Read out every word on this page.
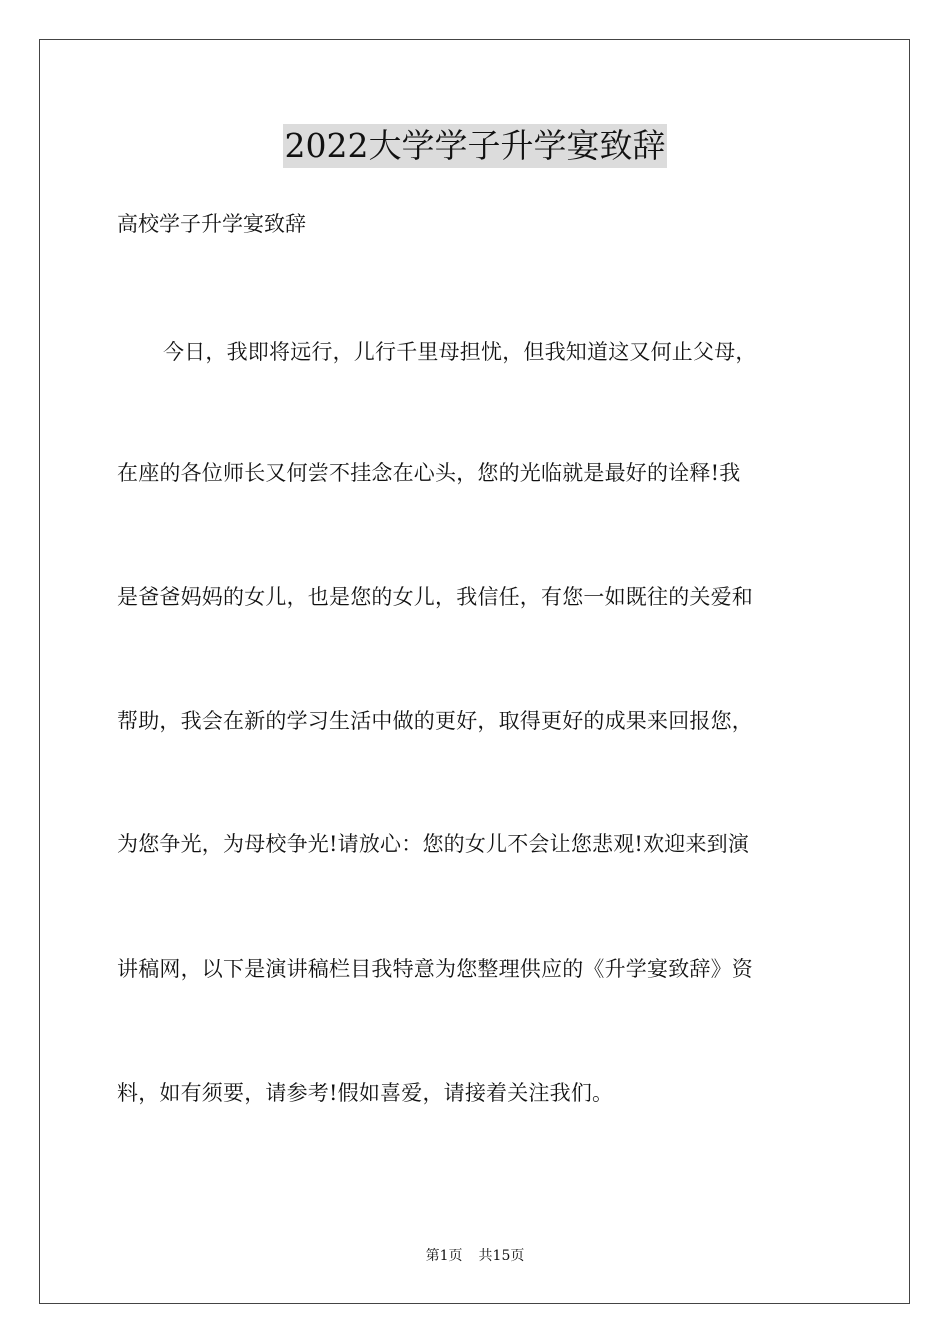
2022大学学子升学宴致辞
高校学子升学宴致辞
今日，我即将远行，儿行千里母担忧，但我知道这又何止父母，
在座的各位师长又何尝不挂念在心头，您的光临就是最好的诠释!我
是爸爸妈妈的女儿，也是您的女儿，我信任，有您一如既往的关爱和
帮助，我会在新的学习生活中做的更好，取得更好的成果来回报您，
为您争光，为母校争光!请放心：您的女儿不会让您悲观!欢迎来到演
讲稿网，以下是演讲稿栏目我特意为您整理供应的《升学宴致辞》资
料，如有须要，请参考!假如喜爱，请接着关注我们。
第1页 共15页
